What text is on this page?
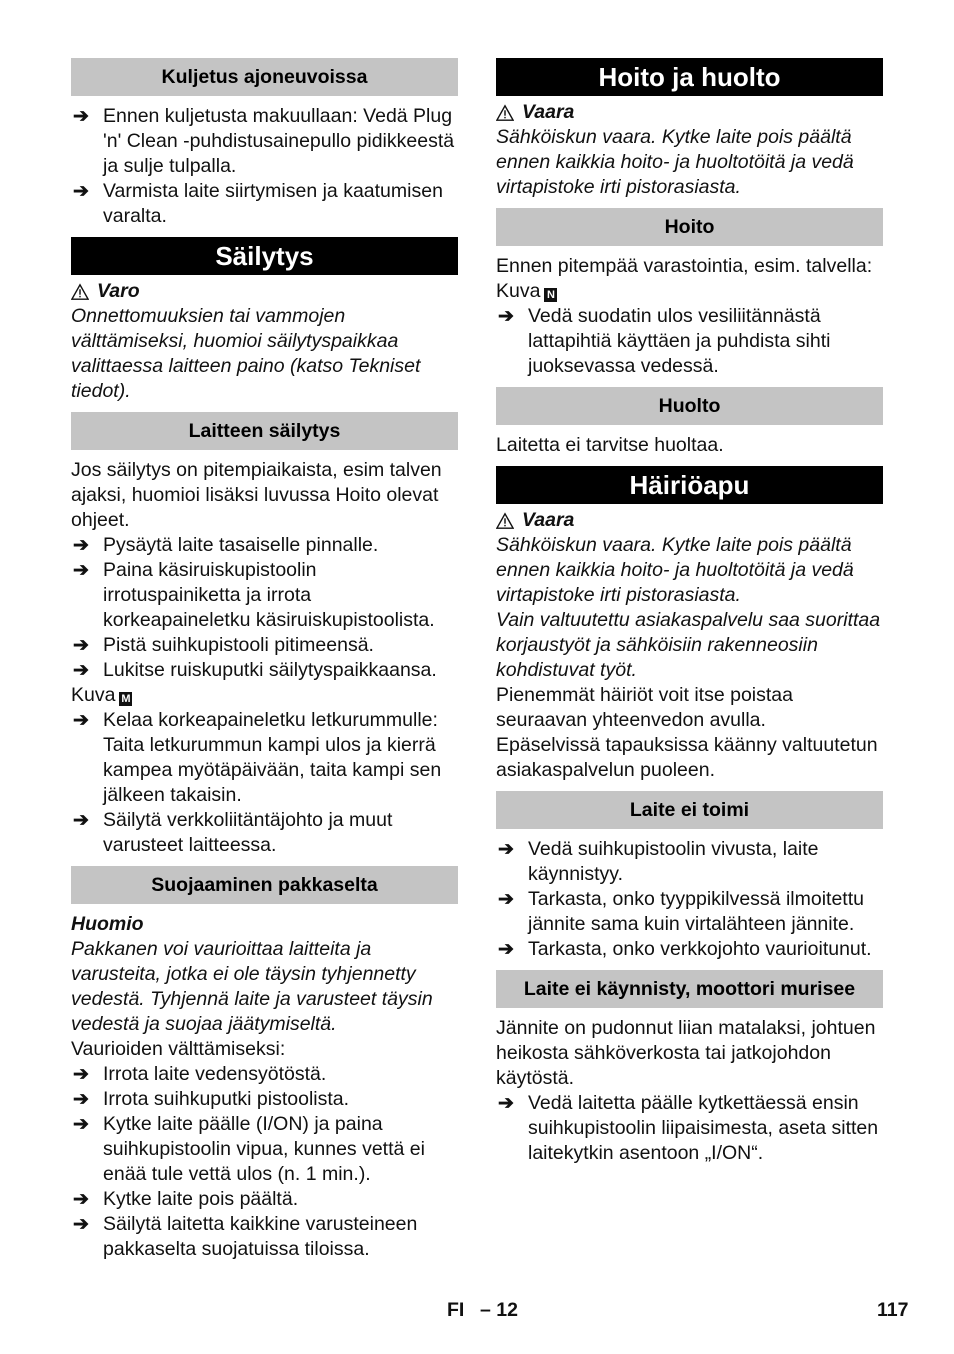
Kuljetus ajoneuvoissa
➔ Ennen kuljetusta makuullaan: Vedä Plug 'n' Clean -puhdistusainepullo pidikkeestä ja sulje tulpalla.
➔ Varmista laite siirtymisen ja kaatumisen varalta.
Säilytys
Varo

Onnettomuuksien tai vammojen välttämiseksi, huomioi säilytyspaikkaa valittaessa laitteen paino (katso Tekniset tiedot).

Laitteen säilytys

Jos säilytys on pitempiaikaista, esim talven ajaksi, huomioi lisäksi luvussa Hoito olevat ohjeet.

➔ Pysäytä laite tasaiselle pinnalle.
➔ Paina käsiruiskupistoolin irrotuspainiketta ja irrota korkeapaineletku käsiruiskupistoolista.
➔ Pistä suihkupistooli pitimeensä.
➔ Lukitse ruiskuputki säilytyspaikkaansa.

Kuva M

➔ Kelaa korkeapaineletku letkurummulle: Taita letkurummun kampi ulos ja kierrä kampea myötäpäivään, taita kampi sen jälkeen takaisin.
➔ Säilytä verkkoliitäntäjohto ja muut varusteet laitteessa.
Suojaaminen pakkaselta

Huomio

Pakkanen voi vaurioittaa laitteita ja varusteita, jotka ei ole täysin tyhjennetty vedestä. Tyhjennä laite ja varusteet täysin vedestä ja suojaa jäätymiseltä.

Vaurioiden välttämiseksi:

➔ Irrota laite vedensyötöstä.
➔ Irrota suihkuputki pistoolista.
➔ Kytke laite päälle (I/ON) ja paina suihkupistoolin vipua, kunnes vettä ei enää tule vettä ulos (n. 1 min.).
➔ Kytke laite pois päältä.
➔ Säilytä laitetta kaikkine varusteineen pakkaselta suojatuissa tiloissa.
Hoito ja huolto
Vaara

Sähköiskun vaara. Kytke laite pois päältä ennen kaikkia hoito- ja huoltotöitä ja vedä virtapistoke irti pistorasiasta.

Hoito

Ennen pitempää varastointia, esim. talvella:

Kuva N

➔ Vedä suodatin ulos vesiliitännästä lattapihtiä käyttäen ja puhdista sihti juoksevassa vedessä.
Huolto

Laitetta ei tarvitse huoltaa.

Häiriöapu
Vaara

Sähköiskun vaara. Kytke laite pois päältä ennen kaikkia hoito- ja huoltotöitä ja vedä virtapistoke irti pistorasiasta.

Vain valtuutettu asiakaspalvelu saa suorittaa korjaustyöt ja sähköisiin rakenneosiin kohdistuvat työt.

Pienemmät häiriöt voit itse poistaa seuraavan yhteenvedon avulla.

Epäselvissä tapauksissa käänny valtuutetun asiakaspalvelun puoleen.

Laite ei toimi
➔ Vedä suihkupistoolin vivusta, laite käynnistyy.
➔ Tarkasta, onko tyyppikilvessä ilmoitettu jännite sama kuin virtalähteen jännite.
➔ Tarkasta, onko verkkojohto vaurioitunut.
Laite ei käynnisty, moottori murisee

Jännite on pudonnut liian matalaksi, johtuen heikosta sähköverkosta tai jatkojohdon käytöstä.

➔ Vedä laitetta päälle kytkettäessä ensin suihkupistoolin liipaisimesta, aseta sitten laitekytkin asentoon „I/ON“.
FI – 12	117
